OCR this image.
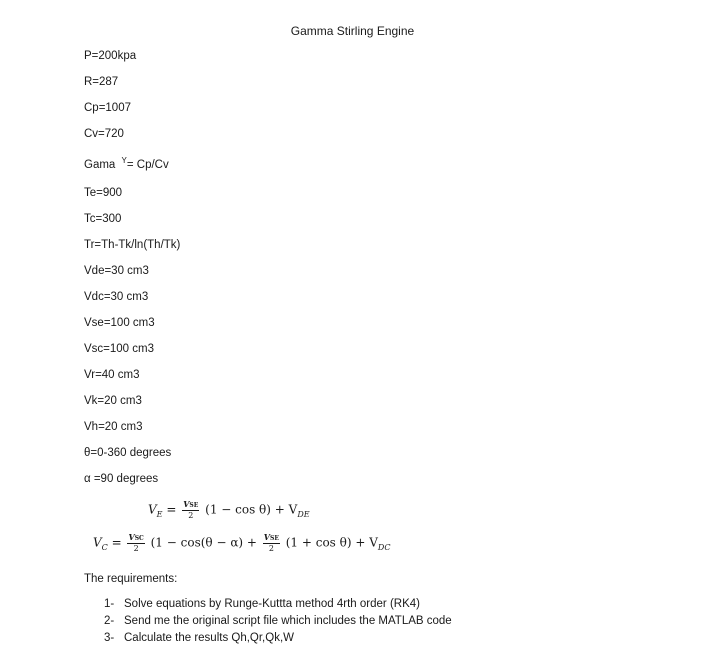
Gamma Stirling Engine
P=200kpa
R=287
Cp=1007
Cv=720
Gama $^Y$= Cp/Cv
Te=900
Tc=300
Tr=Th-Tk/ln(Th/Tk)
Vde=30 cm3
Vdc=30 cm3
Vse=100 cm3
Vsc=100 cm3
Vr=40 cm3
Vk=20 cm3
Vh=20 cm3
θ=0-360 degrees
α =90 degrees
$V_E = \frac{\text{VSE}}{2} (1 - \cos \theta) + V_{DE}$
$V_C = \frac{\text{VSC}}{2} (1 - \cos(\theta - \alpha) + \frac{\text{VSE}}{2} (1 + \cos \theta) + V_{DC}$
The requirements:
1- Solve equations by Runge-Kuttta method 4rth order (RK4)
2- Send me the original script file which includes the MATLAB code
3- Calculate the results Qh,Qr,Qk,W
